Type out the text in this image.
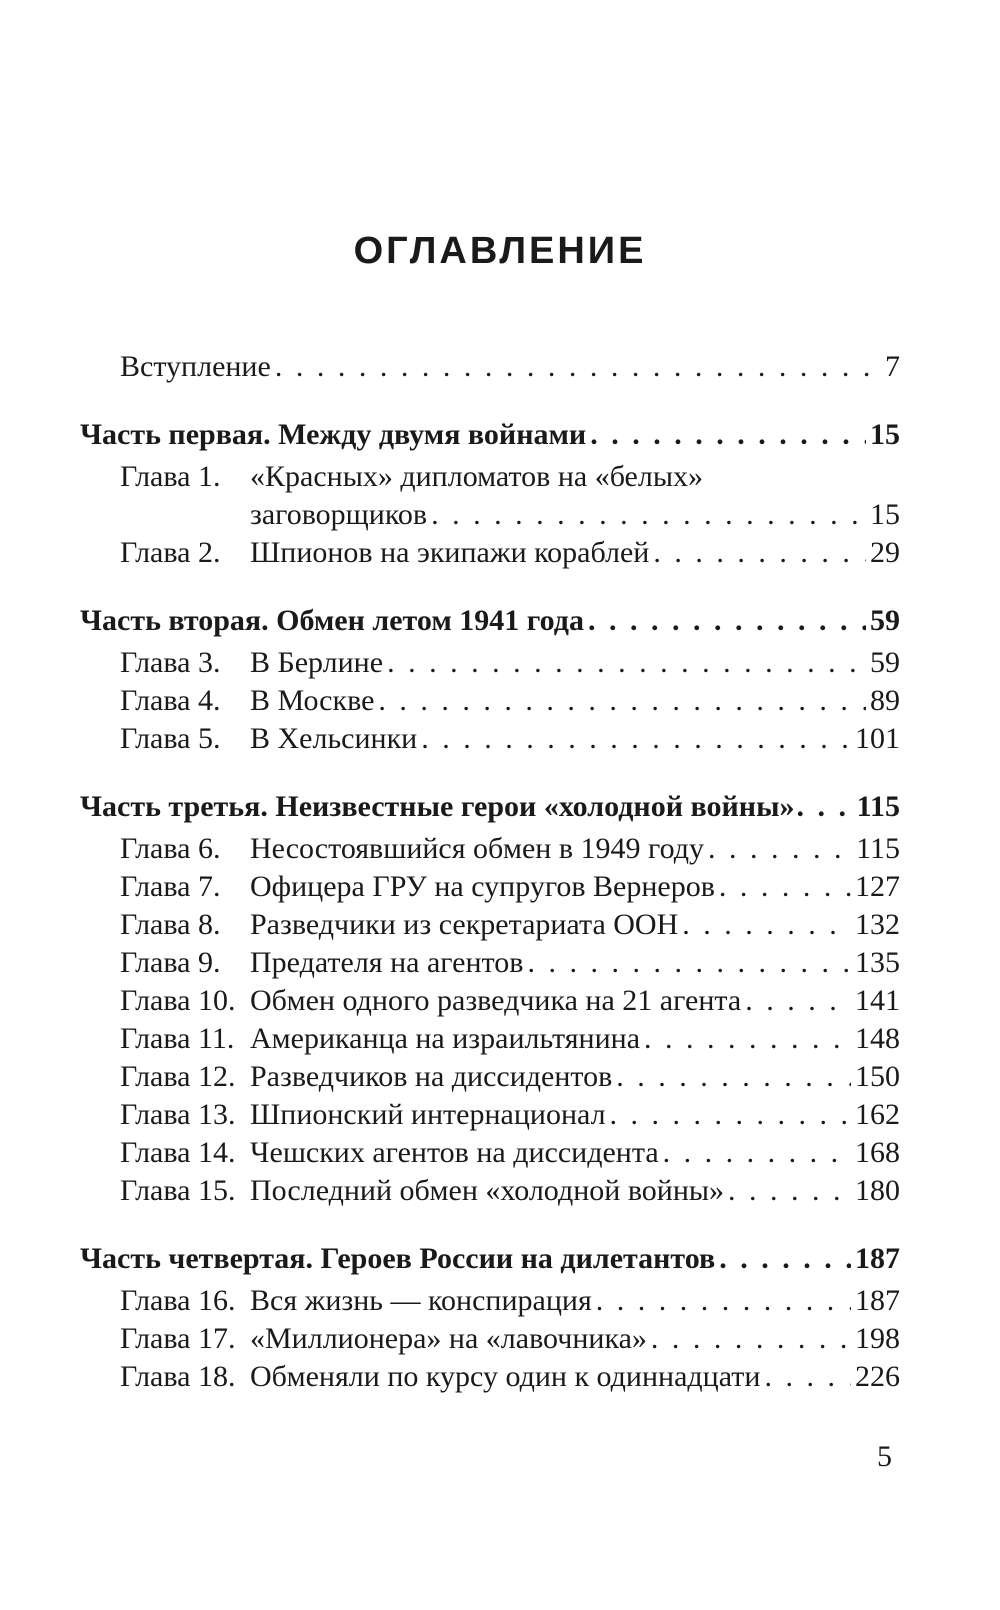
ОГЛАВЛЕНИЕ
Вступление . . .	7
Часть первая. Между двумя войнами . . .	15
Глава 1. «Красных» дипломатов на «белых»
заговорщиков . . .	15
Глава 2. Шпионов на экипажи кораблей . . .	29
Часть вторая. Обмен летом 1941 года . . .	59
Глава 3. В Берлине . . .	59
Глава 4. В Москве . . .	89
Глава 5. В Хельсинки . . .	101
Часть третья. Неизвестные герои «холодной войны» . . . 115
Глава 6. Несостоявшийся обмен в 1949 году . . .	115
Глава 7. Офицера ГРУ на супругов Вернеров . . .	127
Глава 8. Разведчики из секретариата ООН . . .	132
Глава 9. Предателя на агентов . . .	135
Глава 10. Обмен одного разведчика на 21 агента . . .	141
Глава 11. Американца на израильтянина . . .	148
Глава 12. Разведчиков на диссидентов . . .	150
Глава 13. Шпионский интернационал . . .	162
Глава 14. Чешских агентов на диссидента . . .	168
Глава 15. Последний обмен «холодной войны» . . .	180
Часть четвертая. Героев России на дилетантов . . .	187
Глава 16. Вся жизнь — конспирация . . .	187
Глава 17. «Миллионера» на «лавочника» . . .	198
Глава 18. Обменяли по курсу один к одиннадцати . . .	226
5
